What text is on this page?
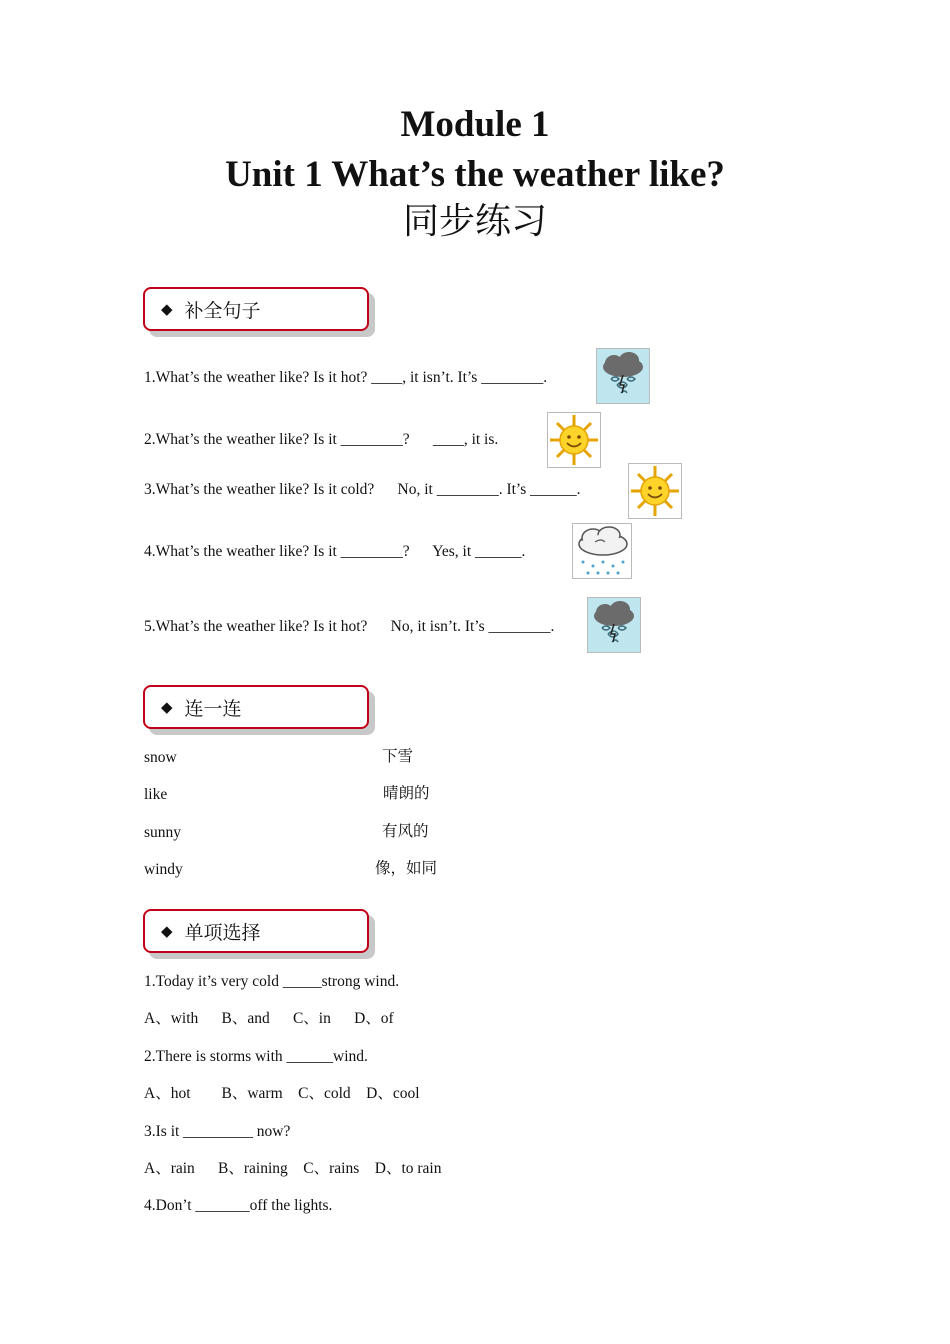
Module 1
Unit 1 What’s the weather like?
同步练习
◆ 补全句子
1.What’s the weather like? Is it hot? ____, it isn’t. It’s ________.
2.What’s the weather like? Is it ________?      ____, it is.
3.What’s the weather like? Is it cold?      No, it ________. It’s ______.
4.What’s the weather like? Is it ________?      Yes, it ______.
5.What’s the weather like? Is it hot?      No, it isn’t. It’s ________.
◆ 连一连
snow
like
sunny
windy
下雪
晴朗的
有风的
像，如同
◆ 单项选择
1.Today it’s very cold _____strong wind.
A、with      B、and      C、in      D、of
2.There is storms with ______wind.
A、hot        B、warm    C、cold    D、cool
3.Is it _________ now?
A、rain      B、raining    C、rains    D、to rain
4.Don’t _______off the lights.
